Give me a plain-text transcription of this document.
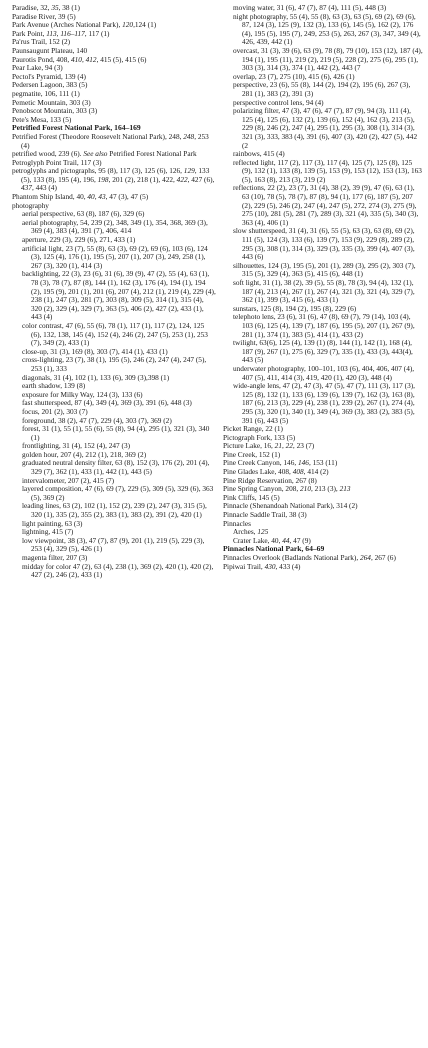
Paradise, 32, 35, 38 (1)
Paradise River, 39 (5)
Park Avenue (Arches National Park), 120,124 (1)
Park Point, 113, 116–117, 117 (1)
Pa'rus Trail, 152 (2)
Paunsaugunt Plateau, 140
Paurotis Pond, 408, 410, 412, 415 (5), 415 (6)
Pear Lake, 94 (3)
Pectol's Pyramid, 139 (4)
Pedersen Lagoon, 383 (5)
pegmatite, 106, 111 (1)
Pemetic Mountain, 303 (3)
Penobscot Mountain, 303 (3)
Pete's Mesa, 133 (5)
Petrified Forest National Park, 164–169
Petrified Forest (Theodore Roosevelt National Park), 248, 248, 253 (4)
petrified wood, 239 (6). See also Petrified Forest National Park
Petroglyph Point Trail, 117 (3)
petroglyphs and pictographs, 95 (8), 117 (3), 125 (6), 126, 129, 133 (5), 133 (8), 195 (4), 196, 198, 201 (2), 218 (1), 422, 422, 427 (6), 437, 443 (4)
Phantom Ship Island, 40, 40, 43, 47 (3), 47 (5)
photography
aerial perspective, 63 (8), 187 (6), 329 (6)
aerial photography, 54, 239 (2), 348, 349 (1), 354, 368, 369 (3), 369 (4), 383 (4), 391 (7), 406, 414
aperture, 229 (3), 229 (6), 271, 433 (1)
artificial light, 23 (7), 55 (8), 63 (3), 69 (2), 69 (6), 103 (6), 124 (3), 125 (4), 176 (1), 195 (5), 207 (1), 207 (3), 249, 258 (1), 267 (3), 320 (1), 414 (3)
backlighting, 22 (3), 23 (6), 31 (6), 39 (9), 47 (2), 55 (4), 63 (1), 78 (3), 78 (7), 87 (8), 144 (1), 162 (3), 176 (4), 194 (1), 194 (2), 195 (9), 201 (1), 201 (6), 207 (4), 212 (1), 219 (4), 229 (4), 238 (1), 247 (3), 281 (7), 303 (8), 309 (5), 314 (1), 315 (4), 320 (2), 329 (4), 329 (7), 363 (5), 406 (2), 427 (2), 433 (1), 443 (4)
color contrast, 47 (6), 55 (6), 78 (1), 117 (1), 117 (2), 124, 125 (6), 132, 138, 145 (4), 152 (4), 246 (2), 247 (5), 253 (1), 253 (7), 349 (2), 433 (1)
close-up, 31 (3), 169 (8), 303 (7), 414 (1), 433 (1)
cross-lighting, 23 (7), 38 (1), 195 (5), 246 (2), 247 (4), 247 (5), 253 (1), 333
diagonals, 31 (4), 102 (1), 133 (6), 309 (3),398 (1)
earth shadow, 139 (8)
exposure for Milky Way, 124 (3), 133 (6)
fast shutterspeed, 87 (4), 349 (4), 369 (3), 391 (6), 448 (3)
focus, 201 (2), 303 (7)
foreground, 38 (2), 47 (7), 229 (4), 303 (7), 369 (2)
forest, 31 (1), 55 (1), 55 (6), 55 (8), 94 (4), 295 (1), 321 (3), 340 (1)
frontlighting, 31 (4), 152 (4), 247 (3)
golden hour, 207 (4), 212 (1), 218, 369 (2)
graduated neutral density filter, 63 (8), 152 (3), 176 (2), 201 (4), 329 (7), 362 (1), 433 (1), 442 (1), 443 (5)
intervalometer, 207 (2), 415 (7)
layered composition, 47 (6), 69 (7), 229 (5), 309 (5), 329 (6), 363 (5), 369 (2)
leading lines, 63 (2), 102 (1), 152 (2), 239 (2), 247 (3), 315 (5), 320 (1), 335 (2), 355 (2), 383 (1), 383 (2), 391 (2), 420 (1)
light painting, 63 (3)
lightning, 415 (7)
low viewpoint, 38 (3), 47 (7), 87 (9), 201 (1), 219 (5), 229 (3), 253 (4), 329 (5), 426 (1)
magenta filter, 207 (3)
midday for color 47 (2), 63 (4), 238 (1), 369 (2), 420 (1), 420 (2), 427 (2), 246 (2), 433 (1)
moving water, 31 (6), 47 (7), 87 (4), 111 (5), 448 (3)
night photography, 55 (4), 55 (8), 63 (3), 63 (5), 69 (2), 69 (6), 87, 124 (3), 125 (9), 132 (3), 133 (6), 145 (5), 162 (2), 176 (4), 195 (5), 195 (7), 249, 253 (5), 263, 267 (3), 347, 349 (4), 426, 439, 442 (1)
overcast, 31 (3), 39 (6), 63 (9), 78 (8), 79 (10), 153 (12), 187 (4), 194 (1), 195 (11), 219 (2), 219 (5), 228 (2), 275 (6), 295 (1), 303 (3), 314 (3), 374 (1), 442 (2), 443 (7
overlap, 23 (7), 275 (10), 415 (6), 426 (1)
perspective, 23 (6), 55 (8), 144 (2), 194 (2), 195 (6), 267 (3), 281 (1), 383 (2), 391 (3)
perspective control lens, 94 (4)
polarizing filter, 47 (3), 47 (6), 47 (7), 87 (9), 94 (3), 111 (4), 125 (4), 125 (6), 132 (2), 139 (6), 152 (4), 162 (3), 213 (5), 229 (8), 246 (2), 247 (4), 295 (1), 295 (3), 308 (1), 314 (3), 321 (3), 333, 383 (4), 391 (6), 407 (3), 420 (2), 427 (5), 442 (2
rainbows, 415 (4)
reflected light, 117 (2), 117 (3), 117 (4), 125 (7), 125 (8), 125 (9), 132 (1), 133 (8), 139 (5), 153 (9), 153 (12), 153 (13), 163 (5), 163 (8), 213 (3), 219 (2)
reflections, 22 (2), 23 (7), 31 (4), 38 (2), 39 (9), 47 (6), 63 (1), 63 (10), 78 (5), 78 (7), 87 (8), 94 (1), 177 (6), 187 (5), 207 (2), 229 (5), 246 (2), 247 (4), 247 (5), 272, 274 (3), 275 (9), 275 (10), 281 (5), 281 (7), 289 (3), 321 (4), 335 (5), 340 (3), 363 (4), 406 (1)
slow shutterspeed, 31 (4), 31 (6), 55 (5), 63 (3), 63 (8), 69 (2), 111 (5), 124 (3), 133 (6), 139 (7), 153 (9), 229 (8), 289 (2), 295 (3), 308 (1), 314 (3), 329 (3), 335 (3), 399 (4), 407 (3), 443 (6)
silhouettes, 124 (3), 195 (5), 201 (1), 289 (3), 295 (2), 303 (7), 315 (5), 329 (4), 363 (5), 415 (6), 448 (1)
soft light, 31 (1), 38 (2), 39 (5), 55 (8), 78 (3), 94 (4), 132 (1), 187 (4), 213 (4), 267 (1), 267 (4), 321 (3), 321 (4), 329 (7), 362 (1), 399 (3), 415 (6), 433 (1)
sunstars, 125 (8), 194 (2), 195 (8), 229 (6)
telephoto lens, 23 (6), 31 (6), 47 (8), 69 (7), 79 (14), 103 (4), 103 (6), 125 (4), 139 (7), 187 (6), 195 (5), 207 (1), 267 (9), 281 (1), 374 (1), 383 (5), 414 (1), 433 (2)
twilight, 63(6), 125 (4), 139 (1) (8), 144 (1), 142 (1), 168 (4), 187 (9), 267 (1), 275 (6), 329 (7), 335 (1), 433 (3), 443(4), 443 (5)
underwater photography, 100–101, 103 (6), 404, 406, 407 (4), 407 (5), 411, 414 (3), 419, 420 (1), 420 (3), 448 (4)
wide-angle lens, 47 (2), 47 (3), 47 (5), 47 (7), 111 (3), 117 (3), 125 (8), 132 (1), 133 (6), 139 (6), 139 (7), 162 (3), 163 (8), 187 (6), 213 (3), 229 (4), 238 (1), 239 (2), 267 (1), 274 (4), 295 (3), 320 (1), 340 (1), 349 (4), 369 (3), 383 (2), 383 (5), 391 (6), 443 (5)
Picket Range, 22 (1)
Pictograph Fork, 133 (5)
Picture Lake, 16, 21, 22, 23 (7)
Pine Creek, 152 (1)
Pine Creek Canyon, 146, 146, 153 (11)
Pine Glades Lake, 408, 408, 414 (2)
Pine Ridge Reservation, 267 (8)
Pine Spring Canyon, 208, 210, 213 (3), 213
Pink Cliffs, 145 (5)
Pinnacle (Shenandoah National Park), 314 (2)
Pinnacle Saddle Trail, 38 (3)
Pinnacles
Arches, 125
Crater Lake, 40, 44, 47 (9)
Pinnacles National Park, 64–69
Pinnacles Overlook (Badlands National Park), 264, 267 (6)
Pipiwai Trail, 430, 433 (4)
